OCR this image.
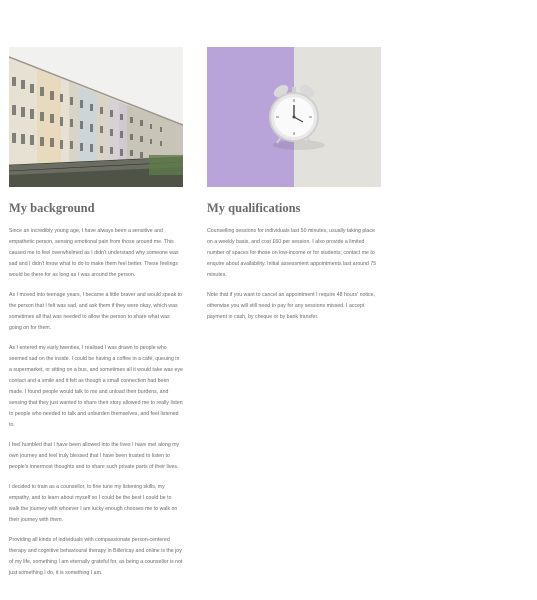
My background

Since an incredibly young age, I have always been a sensitive and empathetic person, sensing emotional pain from those around me. This caused me to feel overwhelmed as I didn't understand why someone was sad and I didn't know what to do to make them feel better. These feelings would be there for as long as I was around the person.

As I moved into teenage years, I became a little braver and would speak to the person that I felt was sad, and ask them if they were okay, which was sometimes all that was needed to allow the person to share what was going on for them.

As I entered my early twenties, I realised I was drawn to people who seemed sad on the inside. I could be having a coffee in a café, queuing in a supermarket, or sitting on a bus, and sometimes all it would take was eye contact and a smile and it felt as though a small connection had been made. I found people would talk to me and unload their burdens, and sensing that they just wanted to share their story allowed me to really listen to people who needed to talk and unburden themselves, and feel listened to.

I feel humbled that I have been allowed into the lives I have met along my own journey and feel truly blessed that I have been trusted to listen to people's innermost thoughts and to share such private parts of their lives.

I decided to train as a counsellor, to fine tune my listening skills, my empathy, and to learn about myself so I could be the best I could be to walk the journey with whoever I am lucky enough chooses me to walk on their journey with them.

Providing all kinds of individuals with compassionate person-centered therapy and cognitive behavioural therapy in Billericay and online is the joy of my life, something I am eternally grateful for, as being a counsellor is not just something I do, it is something I am.

My qualifications

Counselling sessions for individuals last 50 minutes, usually taking place on a weekly basis, and cost £60 per session. I also provide a limited number of spaces for those on low-income or for students; contact me to enquire about availability. Initial assessment appointments last around 75 minutes.

Note that if you want to cancel an appointment I require 48 hours' notice, otherwise you will still need to pay for any sessions missed. I accept payment in cash, by cheque or by bank transfer.
